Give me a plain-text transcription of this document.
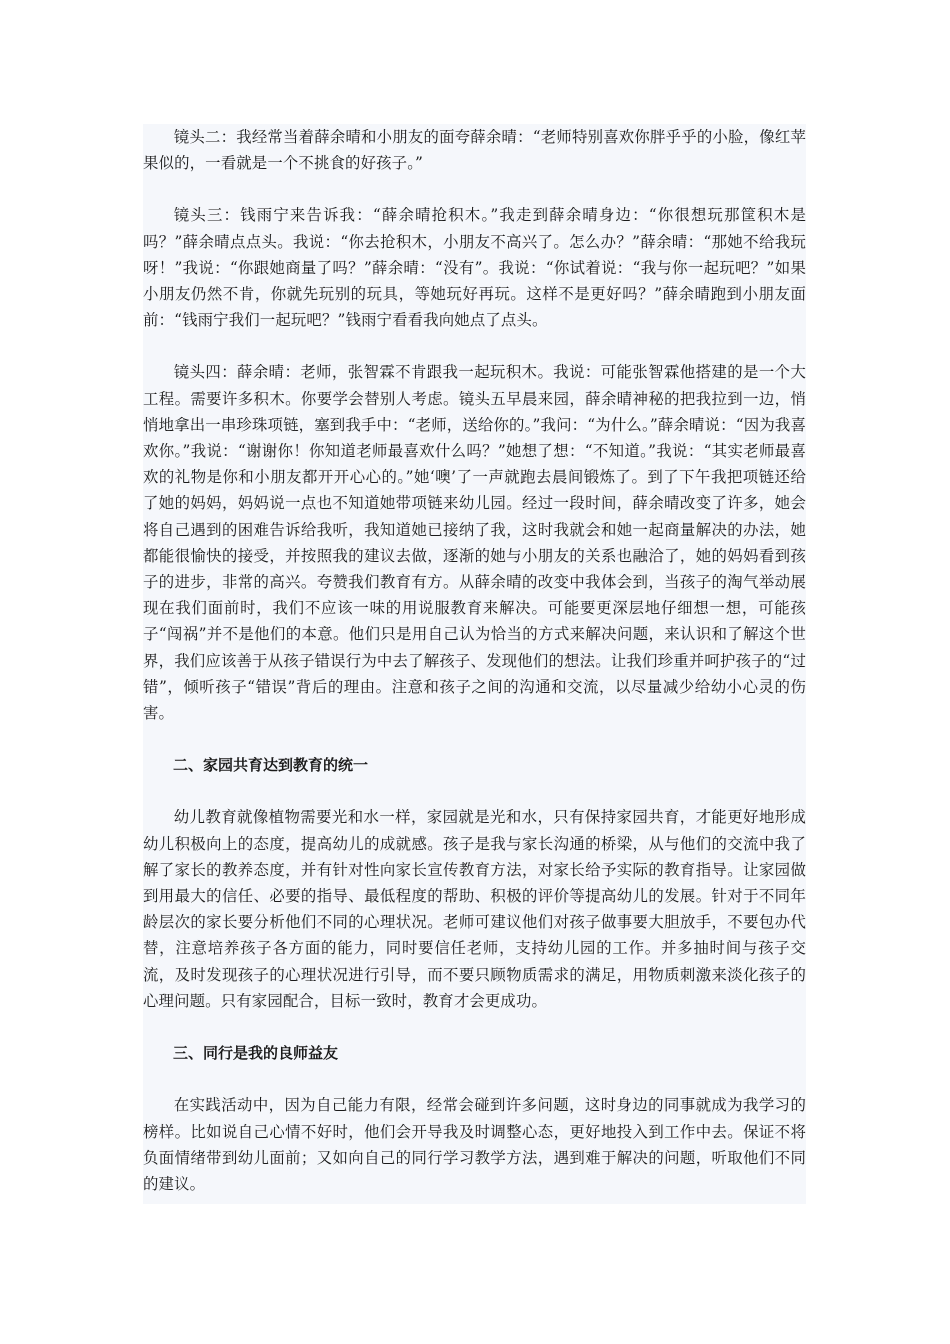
镜头二：我经常当着薛余晴和小朋友的面夸薛余晴：“老师特别喜欢你胖乎乎的小脸，像红苹果似的，一看就是一个不挑食的好孩子。”

镜头三：钱雨宁来告诉我：“薛余晴抢积木。”我走到薛余晴身边：“你很想玩那筐积木是吗？”薛余晴点点头。我说：“你去抢积木，小朋友不高兴了。怎么办？”薛余晴：“那她不给我玩呀！”我说：“你跟她商量了吗？”薛余晴：“没有”。我说：“你试着说：“我与你一起玩吧？”如果小朋友仍然不肯，你就先玩别的玩具，等她玩好再玩。这样不是更好吗？”薛余晴跑到小朋友面前：“钱雨宁我们一起玩吧？”钱雨宁看看我向她点了点头。

镜头四：薛余晴：老师，张智霖不肯跟我一起玩积木。我说：可能张智霖他搭建的是一个大工程。需要许多积木。你要学会替别人考虑。镜头五早晨来园，薛余晴神秘的把我拉到一边，悄悄地拿出一串珍珠项链，塞到我手中：“老师，送给你的。”我问：“为什么。”薛余晴说：“因为我喜欢你。”我说：“谢谢你！你知道老师最喜欢什么吗？”她想了想：“不知道。”我说：“其实老师最喜欢的礼物是你和小朋友都开开心心的。”她‘噢’了一声就跑去晨间锻炼了。到了下午我把项链还给了她的妈妈，妈妈说一点也不知道她带项链来幼儿园。经过一段时间，薛余晴改变了许多，她会将自己遇到的困难告诉给我听，我知道她已接纳了我，这时我就会和她一起商量解决的办法，她都能很愉快的接受，并按照我的建议去做，逐渐的她与小朋友的关系也融洽了，她的妈妈看到孩子的进步，非常的高兴。夸赞我们教育有方。从薛余晴的改变中我体会到，当孩子的淘气举动展现在我们面前时，我们不应该一味的用说服教育来解决。可能要更深层地仔细想一想，可能孩子“闯祸”并不是他们的本意。他们只是用自己认为恰当的方式来解决问题，来认识和了解这个世界，我们应该善于从孩子错误行为中去了解孩子、发现他们的想法。让我们珍重并呵护孩子的“过错”，倾听孩子“错误”背后的理由。注意和孩子之间的沟通和交流，以尽量减少给幼小心灵的伤害。

二、家园共育达到教育的统一

幼儿教育就像植物需要光和水一样，家园就是光和水，只有保持家园共育，才能更好地形成幼儿积极向上的态度，提高幼儿的成就感。孩子是我与家长沟通的桥梁，从与他们的交流中我了解了家长的教养态度，并有针对性向家长宣传教育方法，对家长给予实际的教育指导。让家园做到用最大的信任、必要的指导、最低程度的帮助、积极的评价等提高幼儿的发展。针对于不同年龄层次的家长要分析他们不同的心理状况。老师可建议他们对孩子做事要大胆放手，不要包办代替，注意培养孩子各方面的能力，同时要信任老师，支持幼儿园的工作。并多抽时间与孩子交流，及时发现孩子的心理状况进行引导，而不要只顾物质需求的满足，用物质刺激来淡化孩子的心理问题。只有家园配合，目标一致时，教育才会更成功。

三、同行是我的良师益友

在实践活动中，因为自己能力有限，经常会碰到许多问题，这时身边的同事就成为我学习的榜样。比如说自己心情不好时，他们会开导我及时调整心态，更好地投入到工作中去。保证不将负面情绪带到幼儿面前；又如向自己的同行学习教学方法，遇到难于解决的问题，听取他们不同的建议。
